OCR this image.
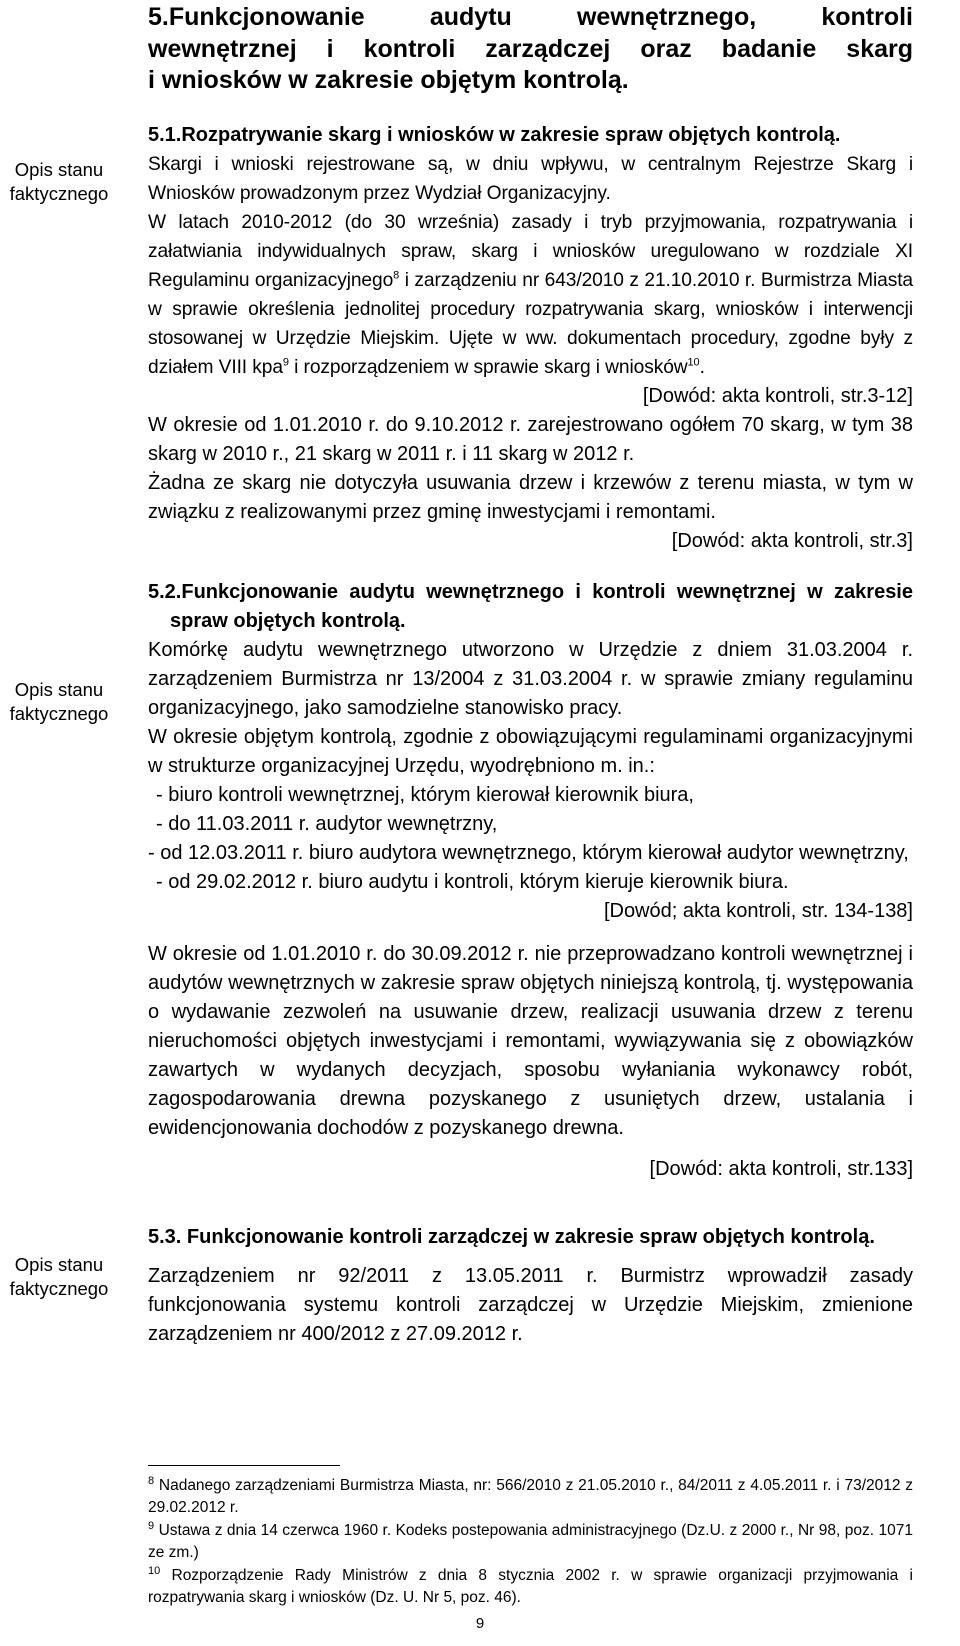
Opis stanu
faktycznego
Opis stanu
faktycznego
Opis stanu
faktycznego
5.Funkcjonowanie audytu wewnętrznego, kontroli
wewnętrznej i kontroli zarządczej oraz badanie skarg
i wniosków w zakresie objętym kontrolą.
5.1.Rozpatrywanie skarg i wniosków w zakresie spraw objętych kontrolą.
Skargi i wnioski rejestrowane są, w dniu wpływu, w centralnym Rejestrze Skarg i Wniosków prowadzonym przez Wydział Organizacyjny.
W latach 2010-2012 (do 30 września) zasady i tryb przyjmowania, rozpatrywania i załatwiania indywidualnych spraw, skarg i wniosków uregulowano w rozdziale XI Regulaminu organizacyjnego$^8$ i zarządzeniu nr 643/2010 z 21.10.2010 r. Burmistrza Miasta w sprawie określenia jednolitej procedury rozpatrywania skarg, wniosków i interwencji stosowanej w Urzędzie Miejskim. Ujęte w ww. dokumentach procedury, zgodne były z działem VIII kpa$^9$ i rozporządzeniem w sprawie skarg i wniosków$^{10}$.
[Dowód: akta kontroli, str.3-12]
W okresie od 1.01.2010 r. do 9.10.2012 r. zarejestrowano ogółem 70 skarg, w tym 38 skarg w 2010 r., 21 skarg w 2011 r. i 11 skarg w 2012 r.
Żadna ze skarg nie dotyczyła usuwania drzew i krzewów z terenu miasta, w tym w związku z realizowanymi przez gminę inwestycjami i remontami.
[Dowód: akta kontroli, str.3]
5.2.Funkcjonowanie audytu wewnętrznego i kontroli wewnętrznej w zakresie
spraw objętych kontrolą.
Komórkę audytu wewnętrznego utworzono w Urzędzie z dniem 31.03.2004 r. zarządzeniem Burmistrza nr 13/2004 z 31.03.2004 r. w sprawie zmiany regulaminu organizacyjnego, jako samodzielne stanowisko pracy.
W okresie objętym kontrolą, zgodnie z obowiązującymi regulaminami organizacyjnymi w strukturze organizacyjnej Urzędu, wyodrębniono m. in.:
- biuro kontroli wewnętrznej, którym kierował kierownik biura,
- do 11.03.2011 r. audytor wewnętrzny,
- od 12.03.2011 r. biuro audytora wewnętrznego, którym kierował audytor wewnętrzny,
- od 29.02.2012 r. biuro audytu i kontroli, którym kieruje kierownik biura.
[Dowód; akta kontroli, str. 134-138]
W okresie od 1.01.2010 r. do 30.09.2012 r. nie przeprowadzano kontroli wewnętrznej i audytów wewnętrznych w zakresie spraw objętych niniejszą kontrolą, tj. występowania o wydawanie zezwoleń na usuwanie drzew, realizacji usuwania drzew z terenu nieruchomości objętych inwestycjami i remontami, wywiązywania się z obowiązków zawartych w wydanych decyzjach, sposobu wyłaniania wykonawcy robót, zagospodarowania drewna pozyskanego z usuniętych drzew, ustalania i ewidencjonowania dochodów z pozyskanego drewna.
[Dowód: akta kontroli, str.133]
5.3. Funkcjonowanie kontroli zarządczej w zakresie spraw objętych kontrolą.
Zarządzeniem nr 92/2011 z 13.05.2011 r. Burmistrz wprowadził zasady funkcjonowania systemu kontroli zarządczej w Urzędzie Miejskim, zmienione zarządzeniem nr 400/2012 z 27.09.2012 r.
$^8$ Nadanego zarządzeniami Burmistrza Miasta, nr: 566/2010 z 21.05.2010 r., 84/2011 z 4.05.2011 r. i 73/2012 z 29.02.2012 r.
$^9$ Ustawa z dnia 14 czerwca 1960 r. Kodeks postepowania administracyjnego (Dz.U. z 2000 r., Nr 98, poz. 1071 ze zm.)
$^{10}$ Rozporządzenie Rady Ministrów z dnia 8 stycznia 2002 r. w sprawie organizacji przyjmowania i rozpatrywania skarg i wniosków (Dz. U. Nr 5, poz. 46).
9
